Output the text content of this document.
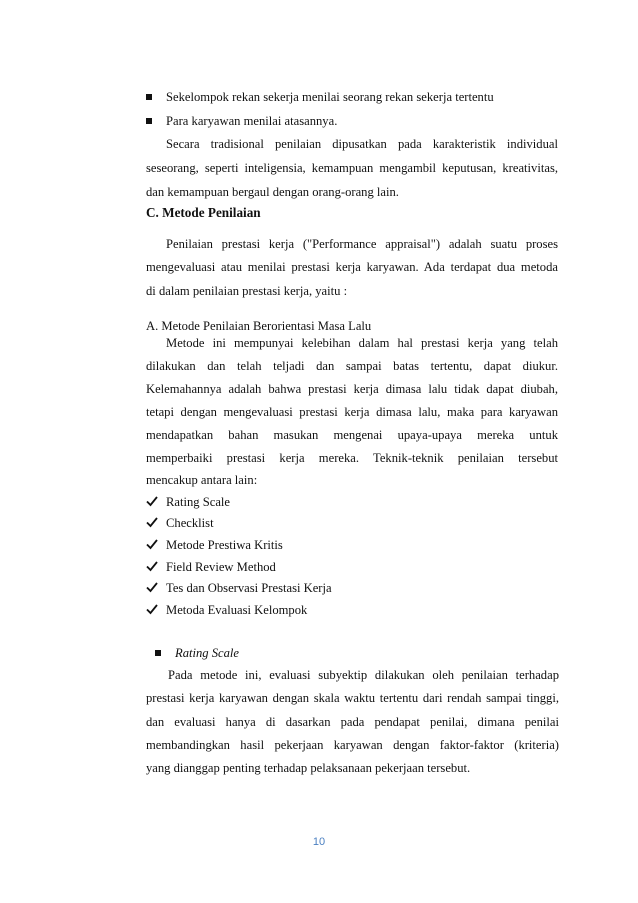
Sekelompok rekan sekerja menilai seorang rekan sekerja tertentu
Para karyawan menilai atasannya.
Secara tradisional penilaian dipusatkan pada karakteristik individual
seseorang, seperti inteligensia, kemampuan mengambil keputusan, kreativitas,
dan kemampuan bergaul dengan orang-orang lain.
C. Metode Penilaian
Penilaian prestasi kerja ("Performance appraisal") adalah suatu proses
mengevaluasi atau menilai prestasi kerja karyawan. Ada terdapat dua metoda
di dalam penilaian prestasi kerja, yaitu :
A. Metode Penilaian Berorientasi Masa Lalu
Metode ini mempunyai kelebihan dalam hal prestasi kerja yang telah
dilakukan dan telah teljadi dan sampai batas tertentu, dapat diukur.
Kelemahannya adalah bahwa prestasi kerja dimasa lalu tidak dapat diubah,
tetapi dengan mengevaluasi prestasi kerja dimasa lalu, maka para karyawan
mendapatkan bahan masukan mengenai upaya-upaya mereka untuk
memperbaiki prestasi kerja mereka. Teknik-teknik penilaian tersebut
mencakup antara lain:
Rating Scale
Checklist
Metode Prestiwa Kritis
Field Review Method
Tes dan Observasi Prestasi Kerja
Metoda Evaluasi Kelompok
Rating Scale
Pada metode ini, evaluasi subyektip dilakukan oleh penilaian terhadap
prestasi kerja karyawan dengan skala waktu tertentu dari rendah sampai tinggi,
dan evaluasi hanya di dasarkan pada pendapat penilai, dimana penilai
membandingkan hasil pekerjaan karyawan dengan faktor-faktor (kriteria)
yang dianggap penting terhadap pelaksanaan pekerjaan tersebut.
10
